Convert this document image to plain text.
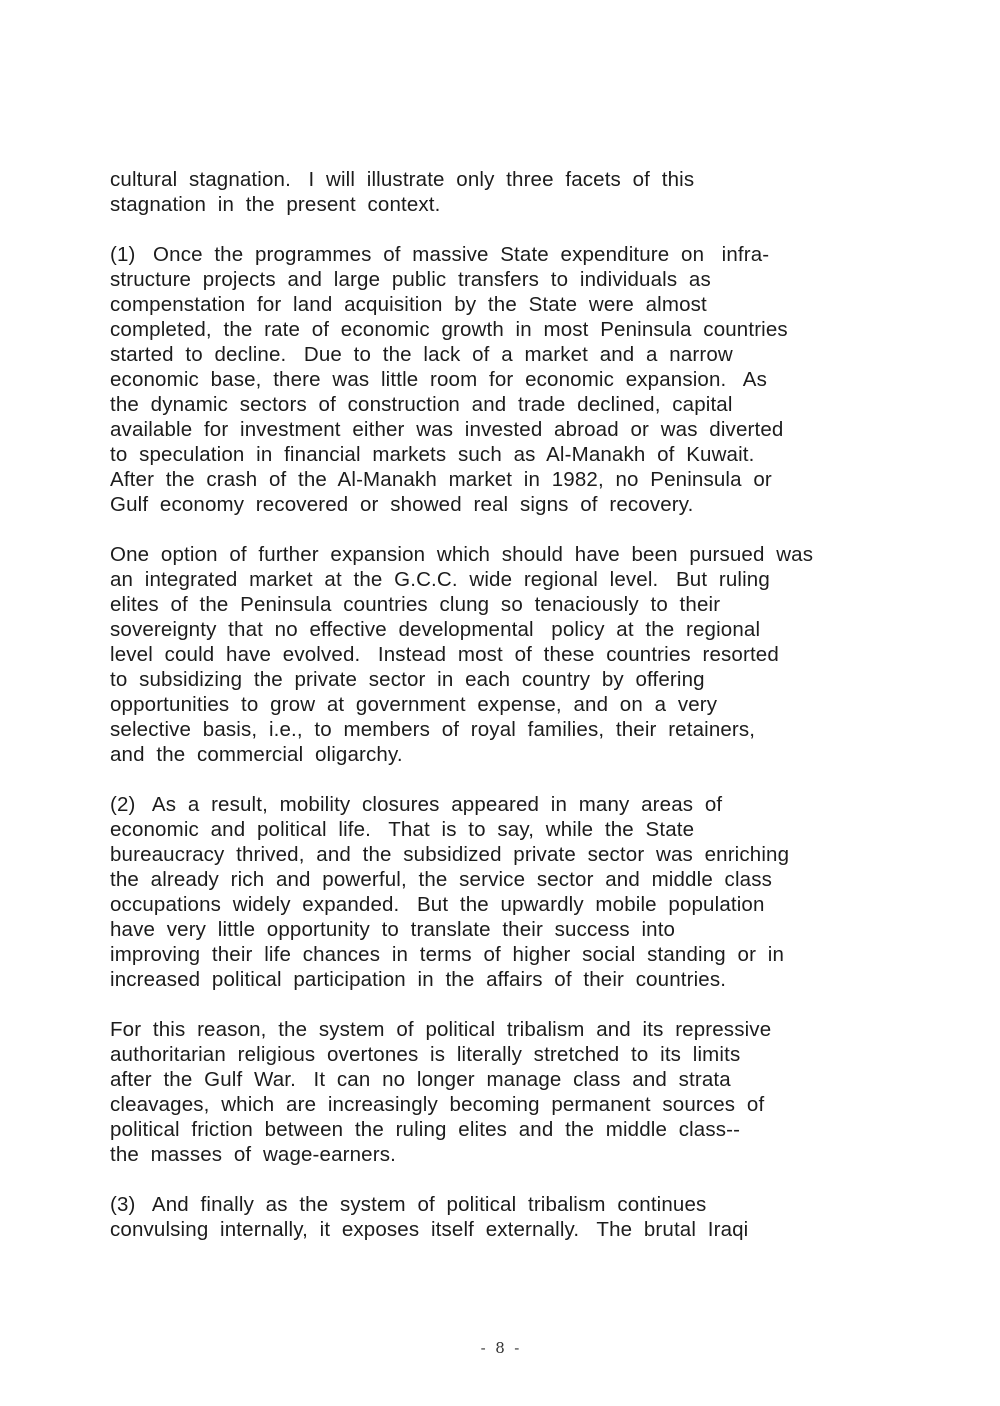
cultural  stagnation.   I  will  illustrate  only  three  facets  of  this
stagnation  in  the  present  context.
(1)   Once  the  programmes  of  massive  State  expenditure  on   infra-
structure  projects  and  large  public  transfers  to  individuals  as
compenstation  for  land  acquisition  by  the  State  were  almost
completed,  the  rate  of  economic  growth  in  most  Peninsula  countries
started  to  decline.   Due  to  the  lack  of  a  market  and  a  narrow
economic  base,  there  was  little  room  for  economic  expansion.   As
the  dynamic  sectors  of  construction  and  trade  declined,  capital
available  for  investment  either  was  invested  abroad  or  was  diverted
to  speculation  in  financial  markets  such  as  Al-Manakh  of  Kuwait.
After  the  crash  of  the  Al-Manakh  market  in  1982,  no  Peninsula  or
Gulf  economy  recovered  or  showed  real  signs  of  recovery.
One  option  of  further  expansion  which  should  have  been  pursued  was
an  integrated  market  at  the  G.C.C.  wide  regional  level.   But  ruling
elites  of  the  Peninsula  countries  clung  so  tenaciously  to  their
sovereignty  that  no  effective  developmental   policy  at  the  regional
level  could  have  evolved.   Instead  most  of  these  countries  resorted
to  subsidizing  the  private  sector  in  each  country  by  offering
opportunities  to  grow  at  government  expense,  and  on  a  very
selective  basis,  i.e.,  to  members  of  royal  families,  their  retainers,
and  the  commercial  oligarchy.
(2)   As  a  result,  mobility  closures  appeared  in  many  areas  of
economic  and  political  life.   That  is  to  say,  while  the  State
bureaucracy  thrived,  and  the  subsidized  private  sector  was  enriching
the  already  rich  and  powerful,  the  service  sector  and  middle  class
occupations  widely  expanded.   But  the  upwardly  mobile  population
have  very  little  opportunity  to  translate  their  success  into
improving  their  life  chances  in  terms  of  higher  social  standing  or  in
increased  political  participation  in  the  affairs  of  their  countries.
For  this  reason,  the  system  of  political  tribalism  and  its  repressive
authoritarian  religious  overtones  is  literally  stretched  to  its  limits
after  the  Gulf  War.   It  can  no  longer  manage  class  and  strata
cleavages,  which  are  increasingly  becoming  permanent  sources  of
political  friction  between  the  ruling  elites  and  the  middle  class--
the  masses  of  wage-earners.
(3)   And  finally  as  the  system  of  political  tribalism  continues
convulsing  internally,  it  exposes  itself  externally.   The  brutal  Iraqi
-  8  -
